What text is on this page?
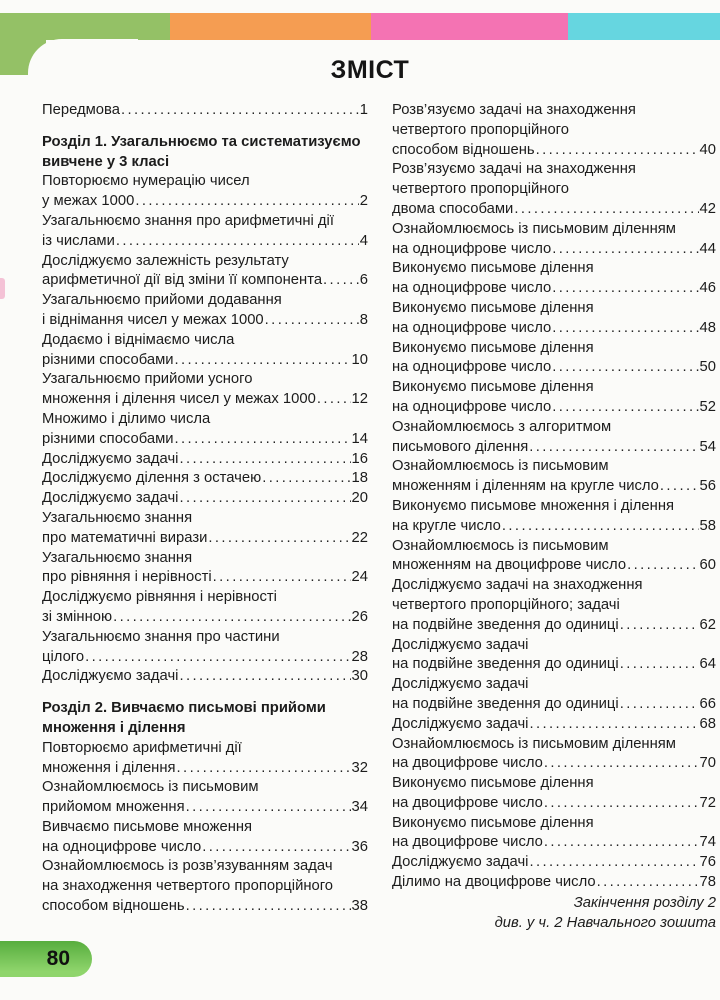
ЗМІСТ
Передмова .....	1
Розділ 1. Узагальнюємо та систематизуємо
вивчене у 3 класі
Повторюємо нумерацію чисел
у межах 1000 .....	2
Узагальнюємо знання про арифметичні дії
із числами .....	4
Досліджуємо залежність результату
арифметичної дії від зміни її компонента .....	6
Узагальнюємо прийоми додавання
і віднімання чисел у межах 1000 .....	8
Додаємо і віднімаємо числа
різними способами .....	10
Узагальнюємо прийоми усного
множення і ділення чисел у межах 1000 ..... 12
Множимо і ділимо числа
різними способами .....	14
Досліджуємо задачі .....	16
Досліджуємо ділення з остачею .....	18
Досліджуємо задачі .....	20
Узагальнюємо знання
про математичні вирази .....	22
Узагальнюємо знання
про рівняння і нерівності .....	24
Досліджуємо рівняння і нерівності
зі змінною .....	26
Узагальнюємо знання про частини
цілого .....	28
Досліджуємо задачі .....	30
Розділ 2. Вивчаємо письмові прийоми
множення і ділення
Повторюємо арифметичні дії
множення і ділення .....	32
Ознайомлюємось із письмовим
прийомом множення .....	34
Вивчаємо письмове множення
на одноцифрове число .....	36
Ознайомлюємось із розв’язуванням задач
на знаходження четвертого пропорційного
способом відношень .....	38
Розв’язуємо задачі на знаходження
четвертого пропорційного
способом відношень .....	40
Розв’язуємо задачі на знаходження
четвертого пропорційного
двома способами .....	42
Ознайомлюємось із письмовим діленням
на одноцифрове число .....	44
Виконуємо письмове ділення
на одноцифрове число .....	46
Виконуємо письмове ділення
на одноцифрове число .....	48
Виконуємо письмове ділення
на одноцифрове число .....	50
Виконуємо письмове ділення
на одноцифрове число .....	52
Ознайомлюємось з алгоритмом
письмового ділення .....	54
Ознайомлюємось із письмовим
множенням і діленням на кругле число .....	56
Виконуємо письмове множення і ділення
на кругле число .....	58
Ознайомлюємось із письмовим
множенням на двоцифрове число .....	60
Досліджуємо задачі на знаходження
четвертого пропорційного; задачі
на подвійне зведення до одиниці .....	62
Досліджуємо задачі
на подвійне зведення до одиниці .....	64
Досліджуємо задачі
на подвійне зведення до одиниці .....	66
Досліджуємо задачі .....	68
Ознайомлюємось із письмовим діленням
на двоцифрове число .....	70
Виконуємо письмове ділення
на двоцифрове число .....	72
Виконуємо письмове ділення
на двоцифрове число .....	74
Досліджуємо задачі .....	76
Ділимо на двоцифрове число .....	78
Закінчення розділу 2
див. у ч. 2 Навчального зошита
80
